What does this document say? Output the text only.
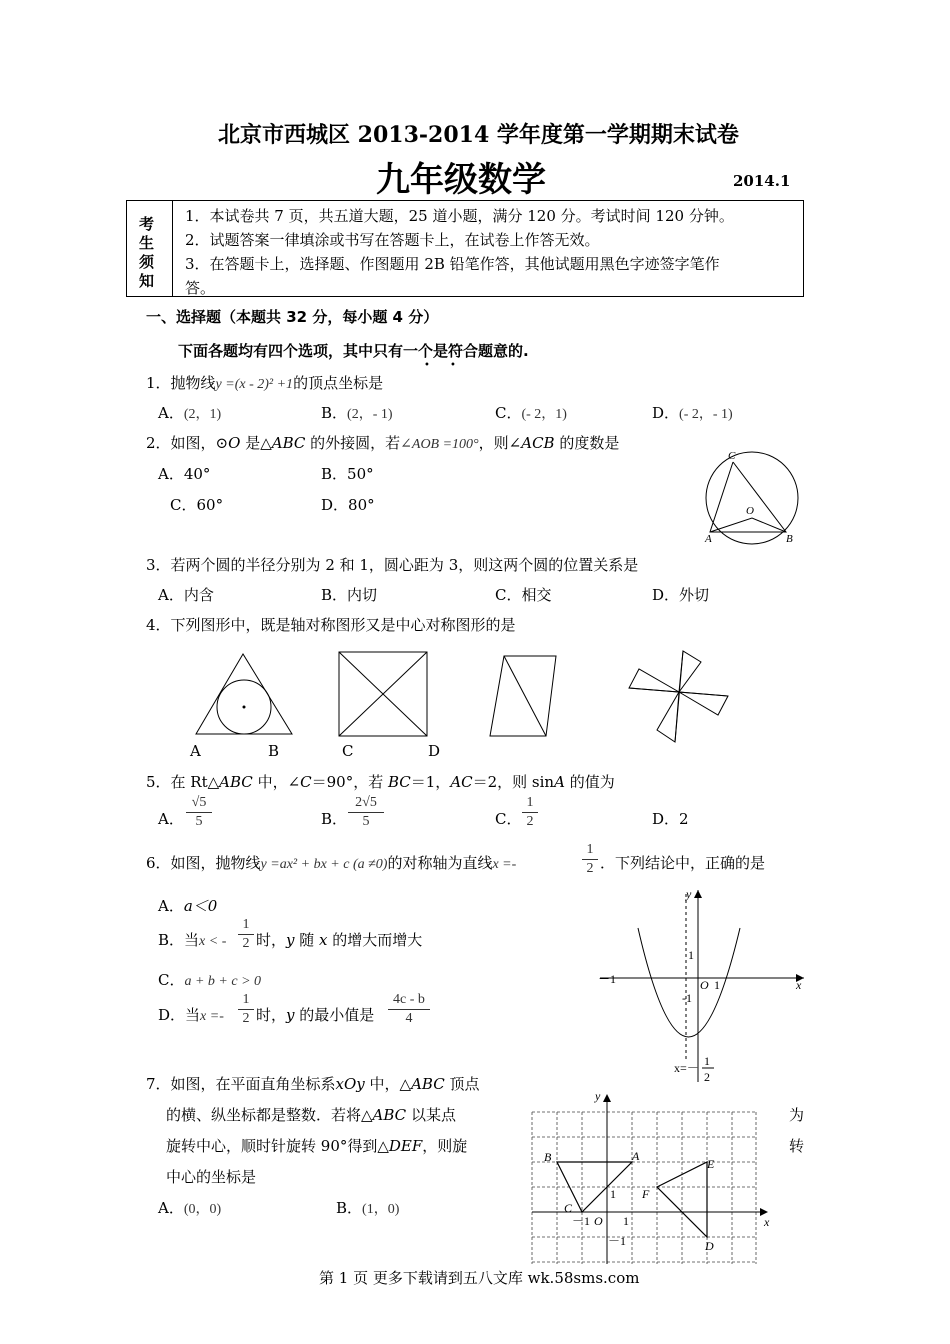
北京市西城区 2013-2014 学年度第一学期期末试卷
九年级数学	2014.1
考
生
须
知
1．本试卷共 7 页，共五道大题，25 道小题，满分 120 分。考试时间 120 分钟。
2．试题答案一律填涂或书写在答题卡上，在试卷上作答无效。
3．在答题卡上，选择题、作图题用 2B 铅笔作答，其他试题用黑色字迹签字笔作
答。
一、选择题（本题共 32 分，每小题 4 分）
下面各题均有四个选项，其中只有一个是符合题意的.
• •
1．抛物线y =(x - 2)² +1的顶点坐标是
A．(2，1)	B．(2，- 1)	C．(- 2，1)	D．(- 2，- 1)
2．如图，⊙O 是△ABC 的外接圆，若∠AOB =100°，则∠ACB 的度数是
A．40°	B．50°
C．60°	D．80°
C
O
A	B
3．若两个圆的半径分别为 2 和 1，圆心距为 3，则这两个圆的位置关系是
A．内含	B．内切	C．相交	D．外切
4．下列图形中，既是轴对称图形又是中心对称图形的是
A	B	C	D
5．在 Rt△ABC 中，∠C＝90°，若 BC＝1，AC＝2，则 sinA 的值为
A．
√5
5	B．
2√5
5	C．
1
2	D．2
6．如图，抛物线y =ax² + bx + c (a ≠0)的对称轴为直线x =-
1
2 ．下列结论中，正确的是
A．a＜0
B．当x < -
1
2 时，y 随 x 的增大而增大
C．a + b + c > 0
D．当x =-
1
2 时，y 的最小值是
4c - b
4
y
x
1
－1	O 1
-1
x=－ 1
2
7．如图，在平面直角坐标系xOy 中，△ABC 顶点
的横、纵坐标都是整数．若将△ABC 以某点	为
旋转中心，顺时针旋转 90°得到△DEF，则旋	转
中心的坐标是
A．(0，0)	B．(1，0)
y
x
B	A
C
F
E
D
O
－1	1
1
－1
第 1 页 更多下载请到五八文库 wk.58sms.com
